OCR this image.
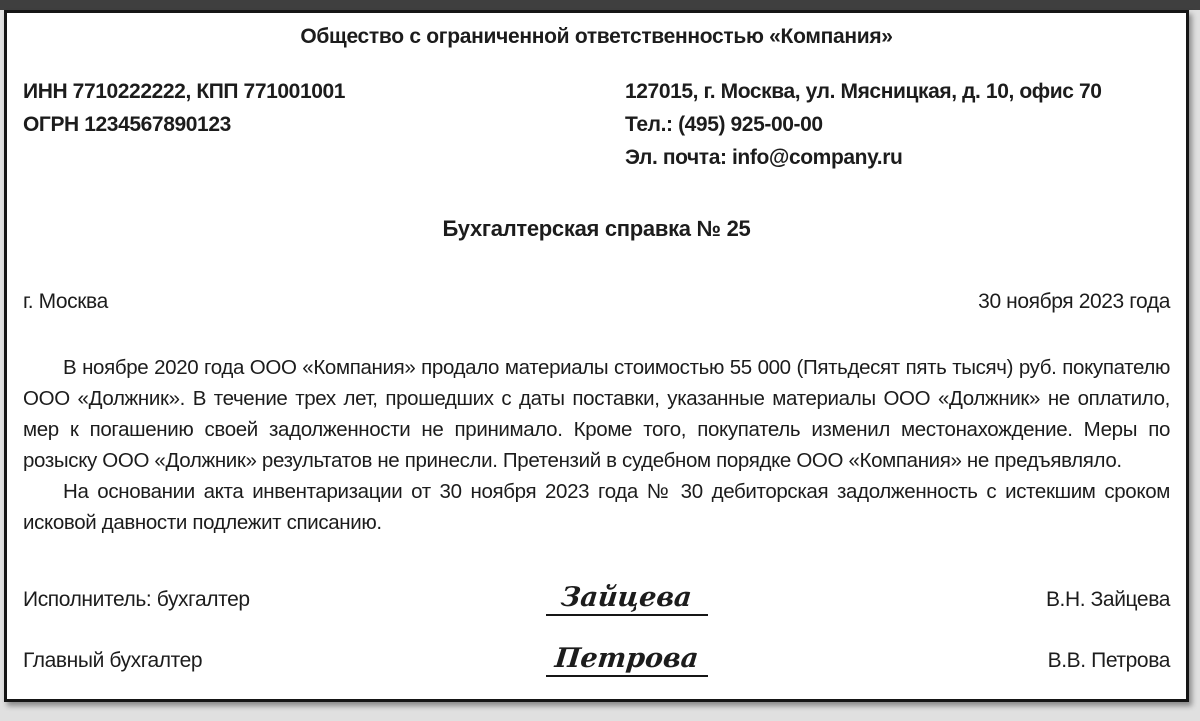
Общество с ограниченной ответственностью «Компания»
ИНН 7710222222, КПП 771001001
ОГРН 1234567890123
127015, г. Москва, ул. Мясницкая, д. 10, офис 70
Тел.: (495) 925-00-00
Эл. почта: info@company.ru
Бухгалтерская справка № 25
г. Москва	30 ноября 2023 года

В ноябре 2020 года ООО «Компания» продало материалы стоимостью 55 000 (Пятьдесят пять тысяч) руб. покупателю ООО «Должник». В течение трех лет, прошедших с даты поставки, указанные материалы ООО «Должник» не оплатило, мер к погашению своей задолженности не принимало. Кроме того, покупатель изменил местонахождение. Меры по розыску ООО «Должник» результатов не принесли. Претензий в судебном порядке ООО «Компания» не предъявляло.

На основании акта инвентаризации от 30 ноября 2023 года № 30 дебиторская задолженность с истекшим сроком исковой давности подлежит списанию.

Исполнитель: бухгалтер	Зайцева	В.Н. Зайцева
Главный бухгалтер	Петрова	В.В. Петрова
